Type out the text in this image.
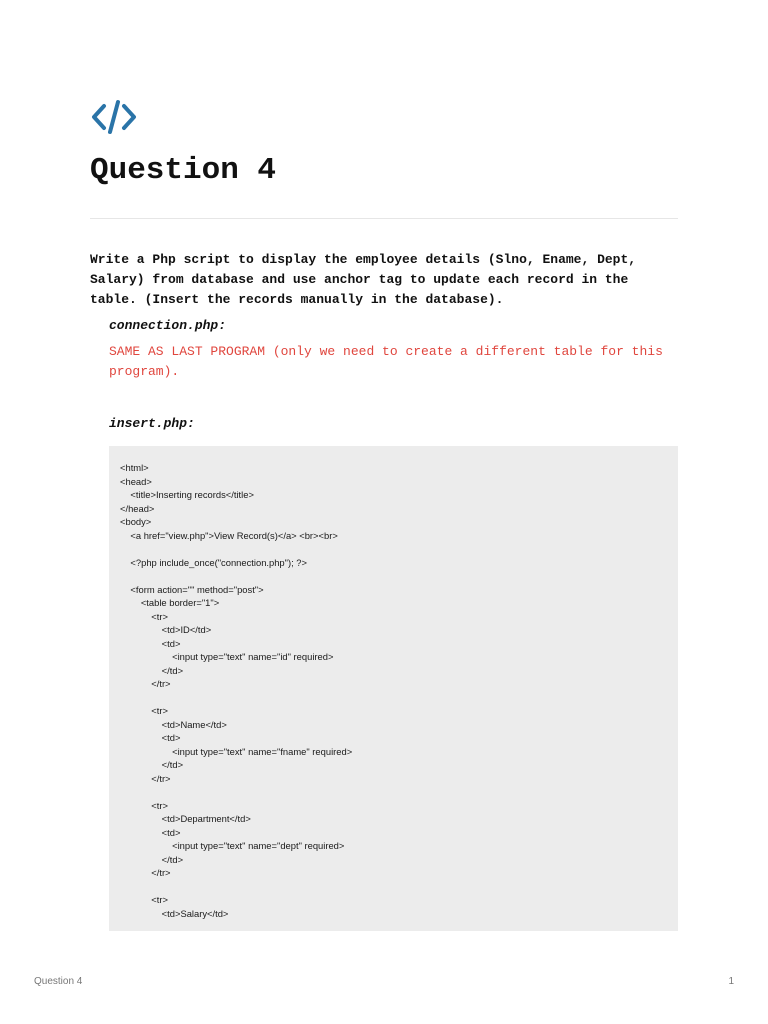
Question 4

Write a Php script to display the employee details (Slno, Ename, Dept, Salary) from database and use anchor tag to update each record in the table. (Insert the records manually in the database).

connection.php:

SAME AS LAST PROGRAM (only we need to create a different table for this program).

insert.php:

<html>
<head>
<title>Inserting records</title>
</head>
<body>
<a href="view.php">View Record(s)</a> <br><br>

<?php include_once("connection.php"); ?>

<form action="" method="post">
<table border="1">
<tr>
<td>ID</td>
<td>
<input type="text" name="id" required>
</td>
</tr>

<tr>
<td>Name</td>
<td>
<input type="text" name="fname" required>
</td>
</tr>

<tr>
<td>Department</td>
<td>
<input type="text" name="dept" required>
</td>
</tr>

<tr>
<td>Salary</td>

Question 4	1
